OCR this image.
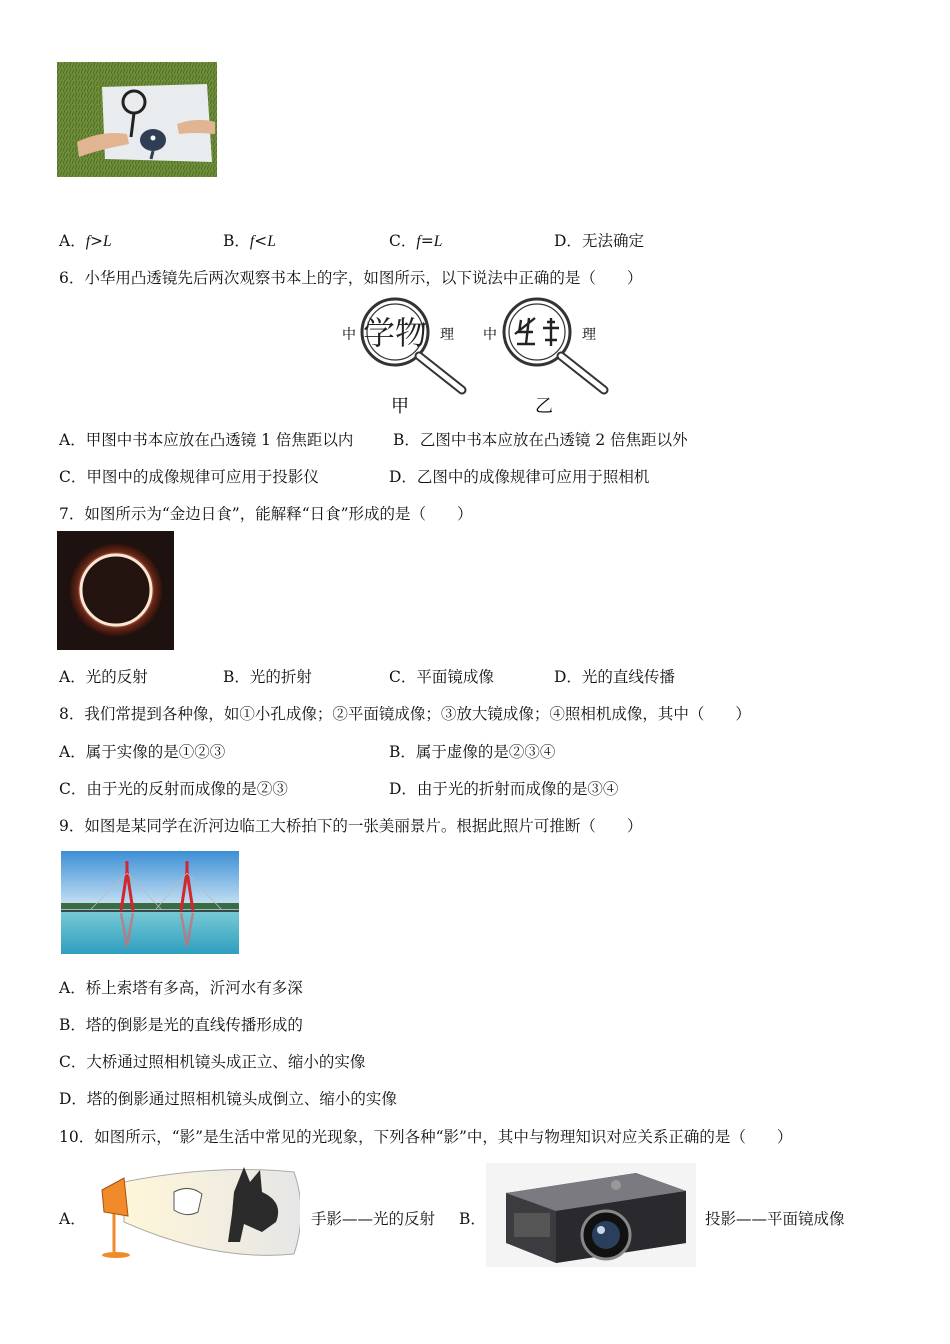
A．f>L	B．f<L	C．f=L	D．无法确定
6．小华用凸透镜先后两次观察书本上的字，如图所示，以下说法中正确的是（　　）
中 学物 理
甲
中	理
乙
A．甲图中书本应放在凸透镜 1 倍焦距以内	B．乙图中书本应放在凸透镜 2 倍焦距以外
C．甲图中的成像规律可应用于投影仪	D．乙图中的成像规律可应用于照相机
7．如图所示为“金边日食”，能解释“日食”形成的是（　　）
A．光的反射	B．光的折射	C．平面镜成像	D．光的直线传播
8．我们常提到各种像，如①小孔成像；②平面镜成像；③放大镜成像；④照相机成像，其中（　　）
A．属于实像的是①②③	B．属于虚像的是②③④
C．由于光的反射而成像的是②③	D．由于光的折射而成像的是③④
9．如图是某同学在沂河边临工大桥拍下的一张美丽景片。根据此照片可推断（　　）
A．桥上索塔有多高，沂河水有多深
B．塔的倒影是光的直线传播形成的
C．大桥通过照相机镜头成正立、缩小的实像
D．塔的倒影通过照相机镜头成倒立、缩小的实像
10．如图所示，“影”是生活中常见的光现象，下列各种“影”中，其中与物理知识对应关系正确的是（　　）
A．	手影——光的反射 B．	投影——平面镜成像
